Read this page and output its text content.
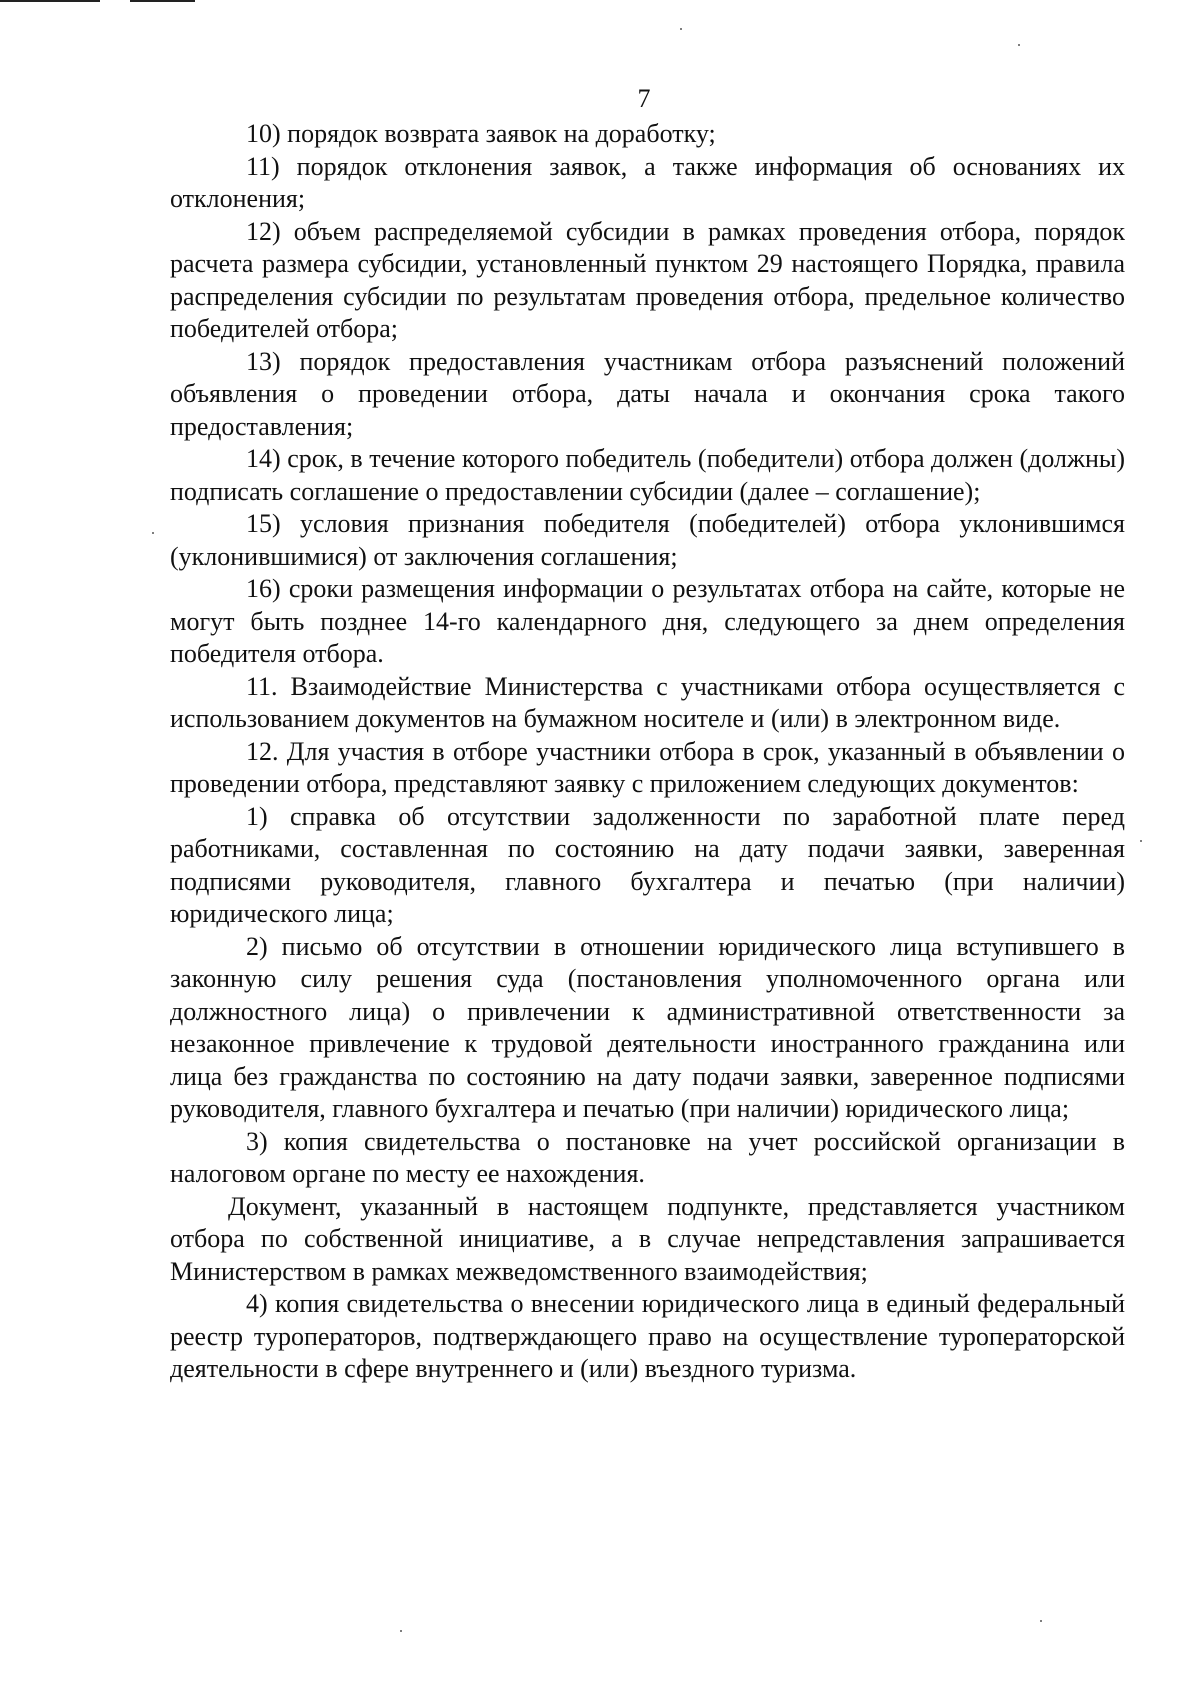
7

10) порядок возврата заявок на доработку;

11) порядок отклонения заявок, а также информация об основаниях их отклонения;

12) объем распределяемой субсидии в рамках проведения отбора, порядок расчета размера субсидии, установленный пунктом 29 настоящего Порядка, правила распределения субсидии по результатам проведения отбора, предельное количество победителей отбора;

13) порядок предоставления участникам отбора разъяснений положений объявления о проведении отбора, даты начала и окончания срока такого предоставления;

14) срок, в течение которого победитель (победители) отбора должен (должны) подписать соглашение о предоставлении субсидии (далее – соглашение);

15) условия признания победителя (победителей) отбора уклонившимся (уклонившимися) от заключения соглашения;

16) сроки размещения информации о результатах отбора на сайте, которые не могут быть позднее 14-го календарного дня, следующего за днем определения победителя отбора.

11. Взаимодействие Министерства с участниками отбора осуществляется с использованием документов на бумажном носителе и (или) в электронном виде.

12. Для участия в отборе участники отбора в срок, указанный в объявлении о проведении отбора, представляют заявку с приложением следующих документов:

1) справка об отсутствии задолженности по заработной плате перед работниками, составленная по состоянию на дату подачи заявки, заверенная подписями руководителя, главного бухгалтера и печатью (при наличии) юридического лица;

2) письмо об отсутствии в отношении юридического лица вступившего в законную силу решения суда (постановления уполномоченного органа или должностного лица) о привлечении к административной ответственности за незаконное привлечение к трудовой деятельности иностранного гражданина или лица без гражданства по состоянию на дату подачи заявки, заверенное подписями руководителя, главного бухгалтера и печатью (при наличии) юридического лица;

3) копия свидетельства о постановке на учет российской организации в налоговом органе по месту ее нахождения.

Документ, указанный в настоящем подпункте, представляется участником отбора по собственной инициативе, а в случае непредставления запрашивается Министерством в рамках межведомственного взаимодействия;

4) копия свидетельства о внесении юридического лица в единый федеральный реестр туроператоров, подтверждающего право на осуществление туроператорской деятельности в сфере внутреннего и (или) въездного туризма.
